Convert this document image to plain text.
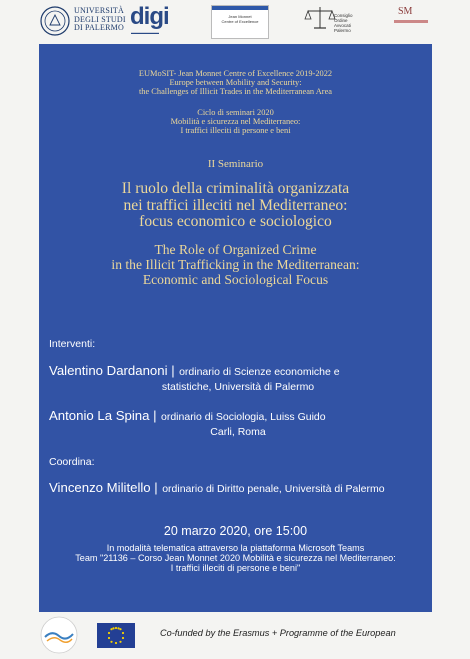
UNIVERSITÀ
DEGLI STUDI
DI PALERMO digi
▬▬▬▬▬▬▬
Jean Monnet
Centre of Excellence
Consiglio
Ordine
Avvocati
Palermo
SM
EUMoSIT- Jean Monnet Centre of Excellence 2019-2022
Europe between Mobility and Security:
the Challenges of Illicit Trades in the Mediterranean Area
Ciclo di seminari 2020
Mobilità e sicurezza nel Mediterraneo:
I traffici illeciti di persone e beni
II Seminario
Il ruolo della criminalità organizzata
nei traffici illeciti nel Mediterraneo:
focus economico e sociologico
The Role of Organized Crime
in the Illicit Trafficking in the Mediterranean:
Economic and Sociological Focus
Interventi:
Valentino Dardanoni | ordinario di Scienze economiche e
statistiche, Università di Palermo
Antonio La Spina | ordinario di Sociologia, Luiss Guido
Carli, Roma
Coordina:
Vincenzo Militello | ordinario di Diritto penale, Università di Palermo
20 marzo 2020, ore 15:00
In modalità telematica attraverso la piattaforma Microsoft Teams
Team "21136 – Corso Jean Monnet 2020 Mobilità e sicurezza nel Mediterraneo:
I traffici illeciti di persone e beni"
Co-funded by the Erasmus + Programme of the European
